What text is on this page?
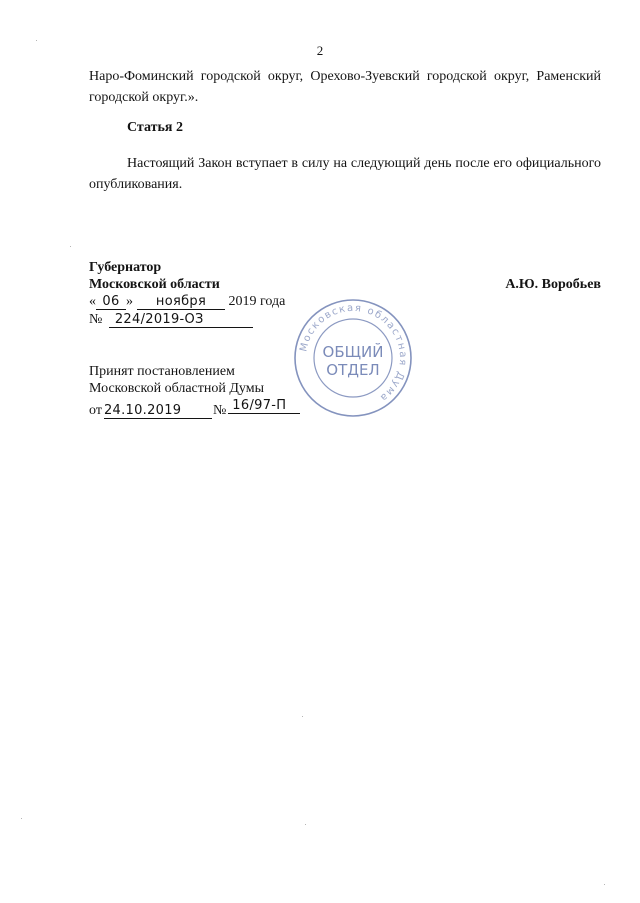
2
Наро-Фоминский городской округ, Орехово-Зуевский городской округ, Раменский городской округ.».
Статья 2
Настоящий Закон вступает в силу на следующий день после его официального опубликования.
Губернатор
Московской области	А.Ю. Воробьев
« 06 » ноября 2019 года
№ 224/2019-ОЗ
Принят постановлением
Московской областной Думы
от 24.10.2019 № 16/97-П
Московская областная Дума
ОБЩИЙ
ОТДЕЛ
